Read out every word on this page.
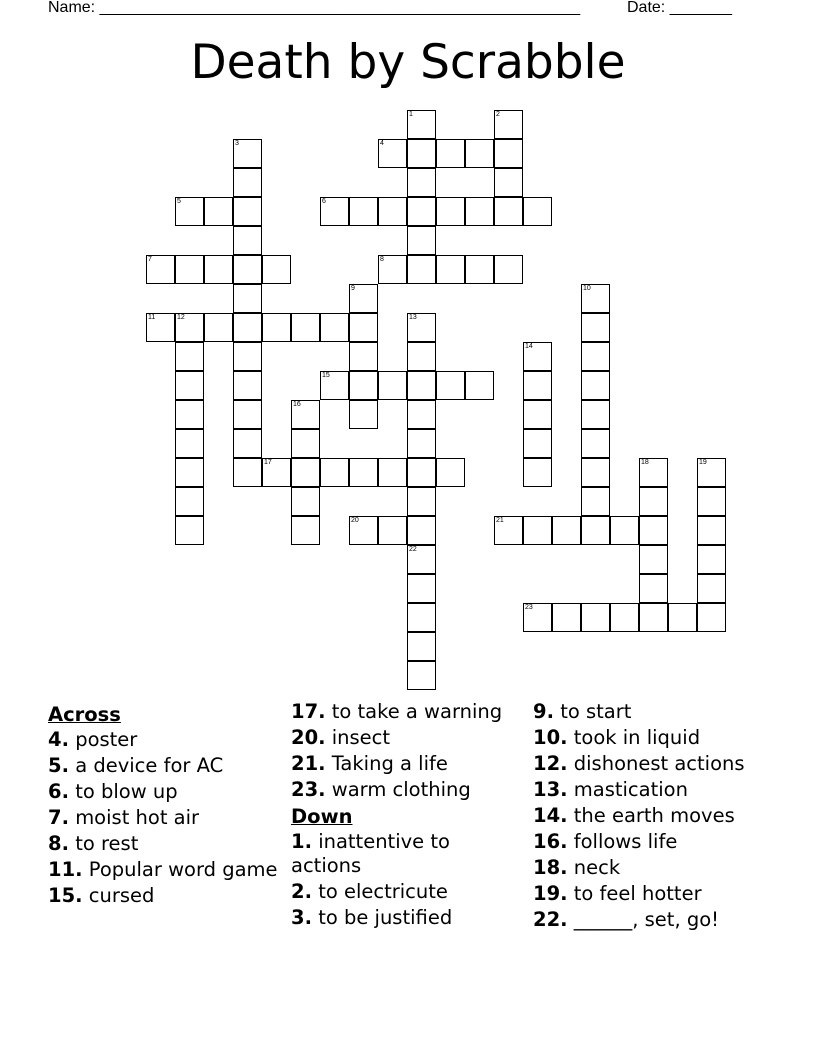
Name: ______________________________________________________	Date: _______
Death by Scrabble
1	2
3	4
5	6
7	8
9	10
11	12	13
14
15
16
17	18	19
20	21
22
23
Across
4. poster
5. a device for AC
6. to blow up
7. moist hot air
8. to rest
11. Popular word game
15. cursed
17. to take a warning
20. insect
21. Taking a life
23. warm clothing
Down
1. inattentive to actions
2. to electricute
3. to be justified
9. to start
10. took in liquid
12. dishonest actions
13. mastication
14. the earth moves
16. follows life
18. neck
19. to feel hotter
22. ______, set, go!
